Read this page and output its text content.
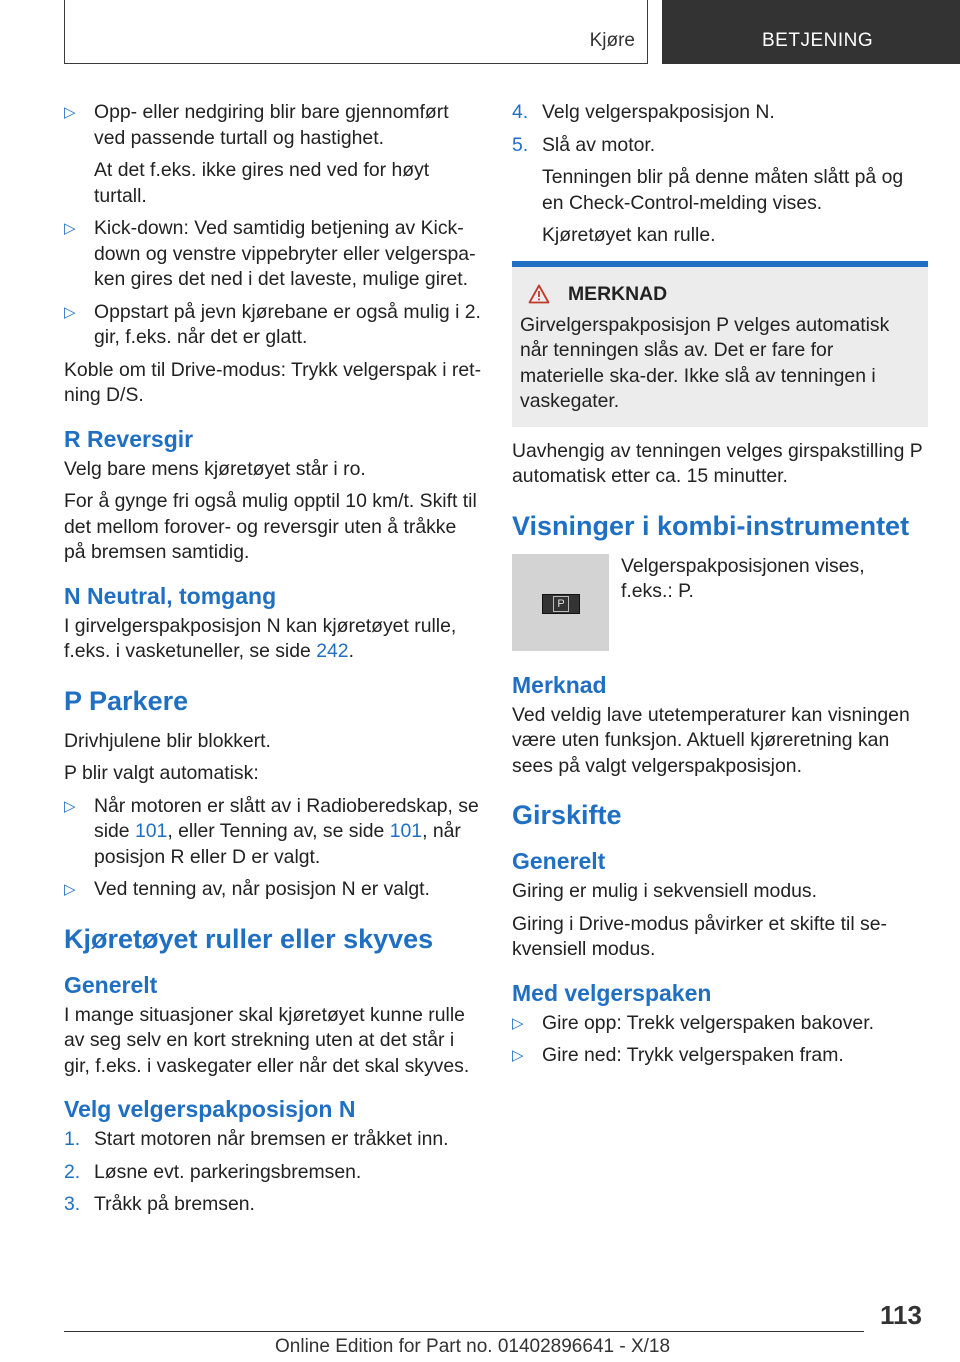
Kjøre	BETJENING
▷ Opp- eller nedgiring blir bare gjennomført ved passende turtall og hastighet.

At det f.eks. ikke gires ned ved for høyt turtall.

▷ Kick-down: Ved samtidig betjening av Kick-down og venstre vippebryter eller velgerspa-ken gires det ned i det laveste, mulige giret.
▷ Oppstart på jevn kjørebane er også mulig i 2. gir, f.eks. når det er glatt.

Koble om til Drive-modus: Trykk velgerspak i ret-ning D/S.

R Reversgir

Velg bare mens kjøretøyet står i ro.

For å gynge fri også mulig opptil 10 km/t. Skift til det mellom forover- og reversgir uten å tråkke på bremsen samtidig.

N Neutral, tomgang

I girvelgerspakposisjon N kan kjøretøyet rulle, f.eks. i vasketuneller, se side 242.

P Parkere

Drivhjulene blir blokkert.

P blir valgt automatisk:

▷ Når motoren er slått av i Radioberedskap, se side 101, eller Tenning av, se side 101, når posisjon R eller D er valgt.
▷ Ved tenning av, når posisjon N er valgt.
Kjøretøyet ruller eller skyves
Generelt

I mange situasjoner skal kjøretøyet kunne rulle av seg selv en kort strekning uten at det står i gir, f.eks. i vaskegater eller når det skal skyves.

Velg velgerspakposisjon N
1. Start motoren når bremsen er tråkket inn.
2. Løsne evt. parkeringsbremsen.
3. Tråkk på bremsen.
4. Velg velgerspakposisjon N.
5. Slå av motor.

Tenningen blir på denne måten slått på og en Check-Control-melding vises.

Kjøretøyet kan rulle.

MERKNAD

Girvelgerspakposisjon P velges automatisk når tenningen slås av. Det er fare for materielle ska-der. Ikke slå av tenningen i vaskegater.

Uavhengig av tenningen velges girspakstilling P automatisk etter ca. 15 minutter.

Visninger i kombi-instrumentet
P

Velgerspakposisjonen vises,

f.eks.: P.

Merknad

Ved veldig lave utetemperaturer kan visningen være uten funksjon. Aktuell kjøreretning kan sees på valgt velgerspakposisjon.

Girskifte
Generelt

Giring er mulig i sekvensiell modus.

Giring i Drive-modus påvirker et skifte til se-kvensiell modus.

Med velgerspaken
▷ Gire opp: Trekk velgerspaken bakover.
▷ Gire ned: Trykk velgerspaken fram.
113
Online Edition for Part no. 01402896641 - X/18
